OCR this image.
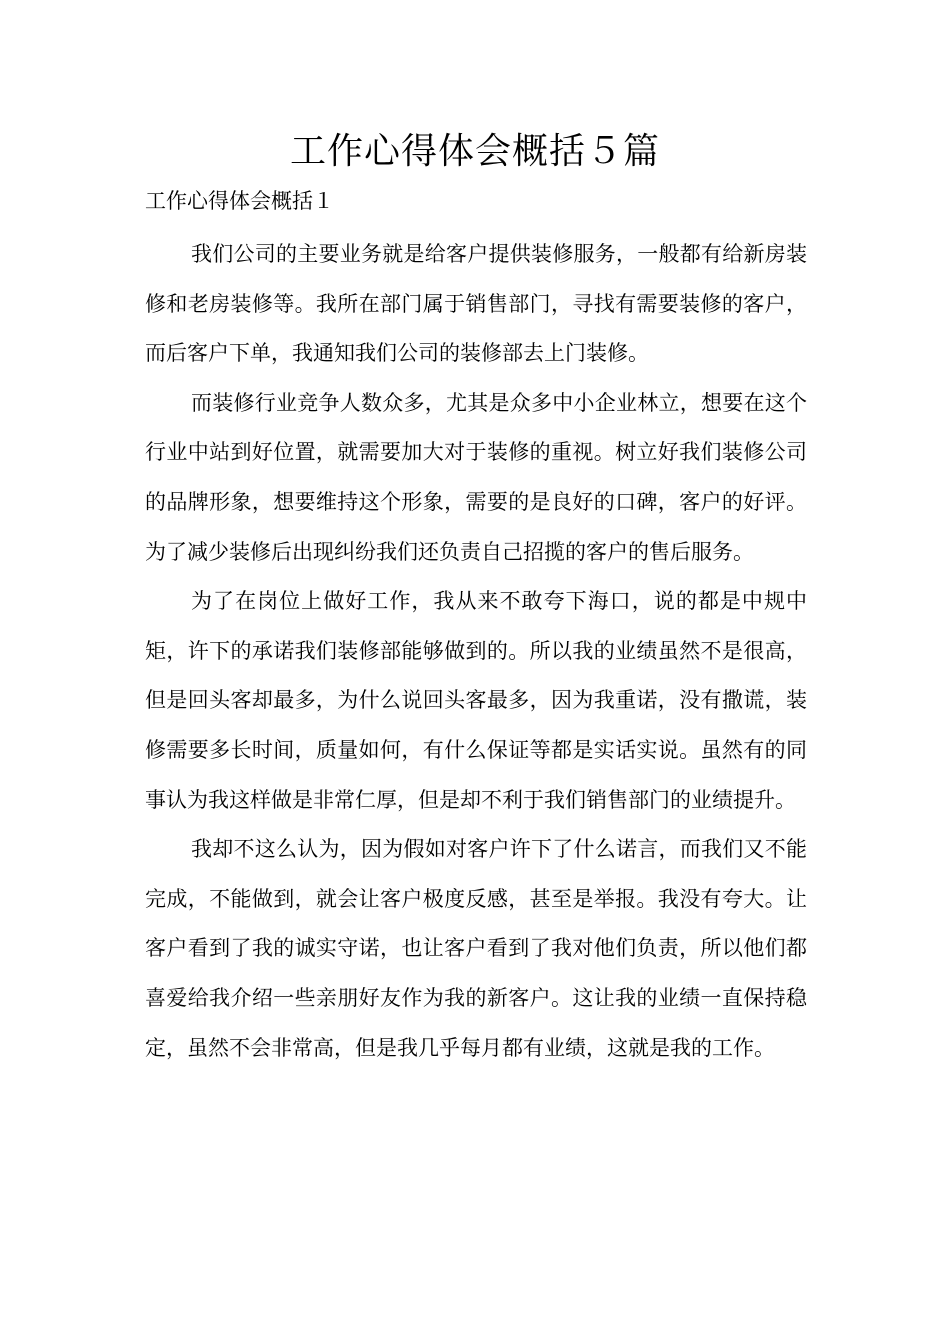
工作心得体会概括５篇
工作心得体会概括１

我们公司的主要业务就是给客户提供装修服务，一般都有给新房装修和老房装修等。我所在部门属于销售部门，寻找有需要装修的客户，而后客户下单，我通知我们公司的装修部去上门装修。

而装修行业竞争人数众多，尤其是众多中小企业林立，想要在这个行业中站到好位置，就需要加大对于装修的重视。树立好我们装修公司的品牌形象，想要维持这个形象，需要的是良好的口碑，客户的好评。为了减少装修后出现纠纷我们还负责自己招揽的客户的售后服务。

为了在岗位上做好工作，我从来不敢夸下海口，说的都是中规中矩，许下的承诺我们装修部能够做到的。所以我的业绩虽然不是很高，但是回头客却最多，为什么说回头客最多，因为我重诺，没有撒谎，装修需要多长时间，质量如何，有什么保证等都是实话实说。虽然有的同事认为我这样做是非常仁厚，但是却不利于我们销售部门的业绩提升。

我却不这么认为，因为假如对客户许下了什么诺言，而我们又不能完成，不能做到，就会让客户极度反感，甚至是举报。我没有夸大。让客户看到了我的诚实守诺，也让客户看到了我对他们负责，所以他们都喜爱给我介绍一些亲朋好友作为我的新客户。这让我的业绩一直保持稳定，虽然不会非常高，但是我几乎每月都有业绩，这就是我的工作。
